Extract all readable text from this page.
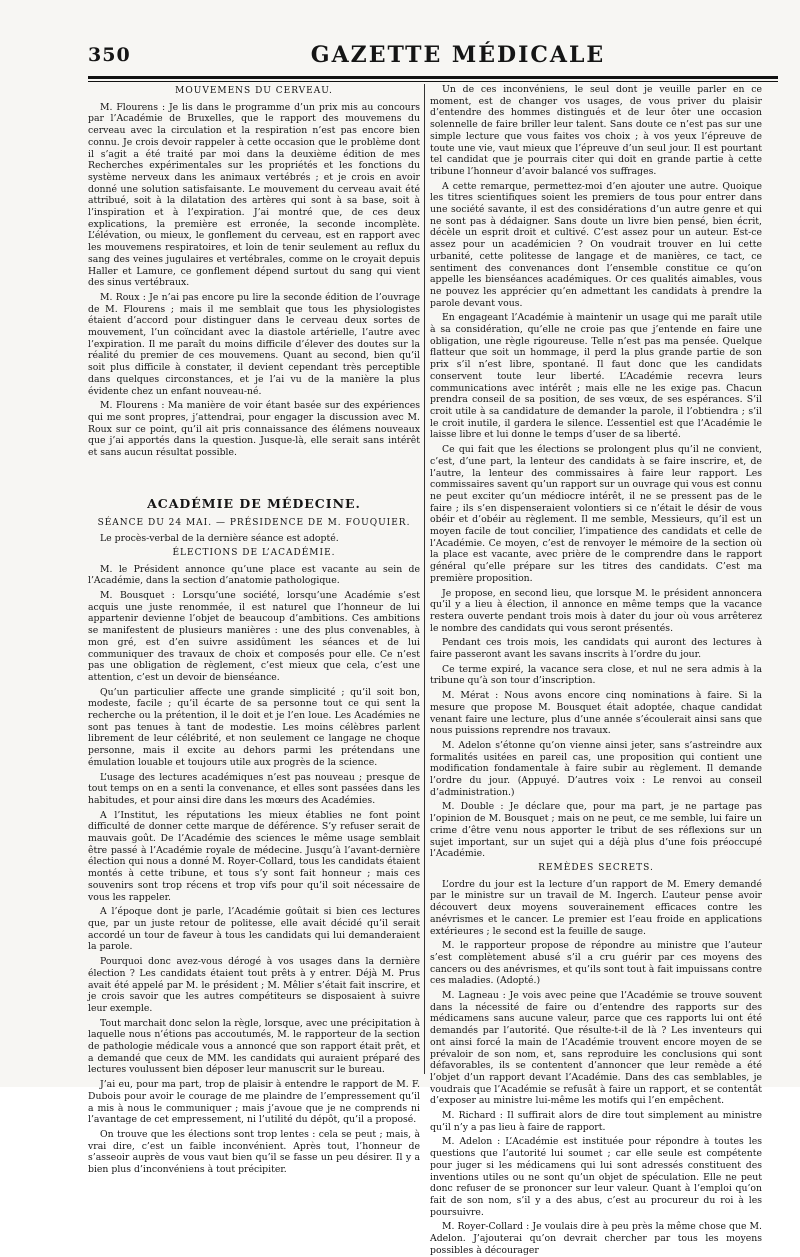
350	GAZETTE MÉDICALE
MOUVEMENS DU CERVEAU.

M. Flourens : Je lis dans le programme d’un prix mis au concours par l’Académie de Bruxelles, que le rapport des mouvemens du cerveau avec la circulation et la respiration n’est pas encore bien connu. Je crois devoir rappeler à cette occasion que le problème dont il s’agit a été traité par moi dans la deuxième édition de mes Recherches expérimentales sur les propriétés et les fonctions du système nerveux dans les animaux vertébrés ; et je crois en avoir donné une solution satisfaisante. Le mouvement du cerveau avait été attribué, soit à la dilatation des artères qui sont à sa base, soit à l’inspiration et à l’expiration. J’ai montré que, de ces deux explications, la première est erronée, la seconde incomplète. L’élévation, ou mieux, le gonflement du cerveau, est en rapport avec les mouvemens respiratoires, et loin de tenir seulement au reflux du sang des veines jugulaires et vertébrales, comme on le croyait depuis Haller et Lamure, ce gonflement dépend surtout du sang qui vient des sinus vertébraux.

M. Roux : Je n’ai pas encore pu lire la seconde édition de l’ouvrage de M. Flourens ; mais il me semblait que tous les physiologistes étaient d’accord pour distinguer dans le cerveau deux sortes de mouvement, l’un coïncidant avec la diastole artérielle, l’autre avec l’expiration. Il me paraît du moins difficile d’élever des doutes sur la réalité du premier de ces mouvemens. Quant au second, bien qu’il soit plus difficile à constater, il devient cependant très perceptible dans quelques circonstances, et je l’ai vu de la manière la plus évidente chez un enfant nouveau-né.

M. Flourens : Ma manière de voir étant basée sur des expériences qui me sont propres, j’attendrai, pour engager la discussion avec M. Roux sur ce point, qu’il ait pris connaissance des élémens nouveaux que j’ai apportés dans la question. Jusque-là, elle serait sans intérêt et sans aucun résultat possible.

ACADÉMIE DE MÉDECINE.
SÉANCE DU 24 MAI. — PRÉSIDENCE DE M. FOUQUIER.

Le procès-verbal de la dernière séance est adopté.

ÉLECTIONS DE L’ACADÉMIE.

M. le Président annonce qu’une place est vacante au sein de l’Académie, dans la section d’anatomie pathologique.

M. Bousquet : Lorsqu’une société, lorsqu’une Académie s’est acquis une juste renommée, il est naturel que l’honneur de lui appartenir devienne l’objet de beaucoup d’ambitions. Ces ambitions se manifestent de plusieurs manières : une des plus convenables, à mon gré, est d’en suivre assidûment les séances et de lui communiquer des travaux de choix et composés pour elle. Ce n’est pas une obligation de règlement, c’est mieux que cela, c’est une attention, c’est un devoir de bienséance.

Qu’un particulier affecte une grande simplicité ; qu’il soit bon, modeste, facile ; qu’il écarte de sa personne tout ce qui sent la recherche ou la prétention, il le doit et je l’en loue. Les Académies ne sont pas tenues à tant de modestie. Les moins célèbres parlent librement de leur célébrité, et non seulement ce langage ne choque personne, mais il excite au dehors parmi les prétendans une émulation louable et toujours utile aux progrès de la science.

L’usage des lectures académiques n’est pas nouveau ; presque de tout temps on en a senti la convenance, et elles sont passées dans les habitudes, et pour ainsi dire dans les mœurs des Académies.

A l’Institut, les réputations les mieux établies ne font point difficulté de donner cette marque de déférence. S’y refuser serait de mauvais goût. De l’Académie des sciences le même usage semblait être passé à l’Académie royale de médecine. Jusqu’à l’avant-dernière élection qui nous a donné M. Royer-Collard, tous les candidats étaient montés à cette tribune, et tous s’y sont fait honneur ; mais ces souvenirs sont trop récens et trop vifs pour qu’il soit nécessaire de vous les rappeler.

A l’époque dont je parle, l’Académie goûtait si bien ces lectures que, par un juste retour de politesse, elle avait décidé qu’il serait accordé un tour de faveur à tous les candidats qui lui demanderaient la parole.

Pourquoi donc avez-vous dérogé à vos usages dans la dernière élection ? Les candidats étaient tout prêts à y entrer. Déjà M. Prus avait été appelé par M. le président ; M. Mêlier s’était fait inscrire, et je crois savoir que les autres compétiteurs se disposaient à suivre leur exemple.

Tout marchait donc selon la règle, lorsque, avec une précipitation à laquelle nous n’étions pas accoutumés, M. le rapporteur de la section de pathologie médicale vous a annoncé que son rapport était prêt, et a demandé que ceux de MM. les candidats qui auraient préparé des lectures voulussent bien déposer leur manuscrit sur le bureau.

J’ai eu, pour ma part, trop de plaisir à entendre le rapport de M. F. Dubois pour avoir le courage de me plaindre de l’empressement qu’il a mis à nous le communiquer ; mais j’avoue que je ne comprends ni l’avantage de cet empressement, ni l’utilité du dépôt, qu’il a proposé.

On trouve que les élections sont trop lentes : cela se peut ; mais, à vrai dire, c’est un faible inconvénient. Après tout, l’honneur de s’asseoir auprès de vous vaut bien qu’il se fasse un peu désirer. Il y a bien plus d’inconvéniens à tout précipiter.

Un de ces inconvéniens, le seul dont je veuille parler en ce moment, est de changer vos usages, de vous priver du plaisir d’entendre des hommes distingués et de leur ôter une occasion solennelle de faire briller leur talent. Sans doute ce n’est pas sur une simple lecture que vous faites vos choix ; à vos yeux l’épreuve de toute une vie, vaut mieux que l’épreuve d’un seul jour. Il est pourtant tel candidat que je pourrais citer qui doit en grande partie à cette tribune l’honneur d’avoir balancé vos suffrages.

A cette remarque, permettez-moi d’en ajouter une autre. Quoique les titres scientifiques soient les premiers de tous pour entrer dans une société savante, il est des considérations d’un autre genre et qui ne sont pas à dédaigner. Sans doute un livre bien pensé, bien écrit, décèle un esprit droit et cultivé. C’est assez pour un auteur. Est-ce assez pour un académicien ? On voudrait trouver en lui cette urbanité, cette politesse de langage et de manières, ce tact, ce sentiment des convenances dont l’ensemble constitue ce qu’on appelle les bienséances académiques. Or ces qualités aimables, vous ne pouvez les apprécier qu’en admettant les candidats à prendre la parole devant vous.

En engageant l’Académie à maintenir un usage qui me paraît utile à sa considération, qu’elle ne croie pas que j’entende en faire une obligation, une règle rigoureuse. Telle n’est pas ma pensée. Quelque flatteur que soit un hommage, il perd la plus grande partie de son prix s’il n’est libre, spontané. Il faut donc que les candidats conservent toute leur liberté. L’Académie recevra leurs communications avec intérêt ; mais elle ne les exige pas. Chacun prendra conseil de sa position, de ses vœux, de ses espérances. S’il croit utile à sa candidature de demander la parole, il l’obtiendra ; s’il le croit inutile, il gardera le silence. L’essentiel est que l’Académie le laisse libre et lui donne le temps d’user de sa liberté.

Ce qui fait que les élections se prolongent plus qu’il ne convient, c’est, d’une part, la lenteur des candidats à se faire inscrire, et, de l’autre, la lenteur des commissaires à faire leur rapport. Les commissaires savent qu’un rapport sur un ouvrage qui vous est connu ne peut exciter qu’un médiocre intérêt, il ne se pressent pas de le faire ; ils s’en dispenseraient volontiers si ce n’était le désir de vous obéir et d’obéir au règlement. Il me semble, Messieurs, qu’il est un moyen facile de tout concilier, l’impatience des candidats et celle de l’Académie. Ce moyen, c’est de renvoyer le mémoire de la section où la place est vacante, avec prière de le comprendre dans le rapport général qu’elle prépare sur les titres des candidats. C’est ma première proposition.

Je propose, en second lieu, que lorsque M. le président annoncera qu’il y a lieu à élection, il annonce en même temps que la vacance restera ouverte pendant trois mois à dater du jour où vous arrêterez le nombre des candidats qui vous seront présentés.

Pendant ces trois mois, les candidats qui auront des lectures à faire passeront avant les savans inscrits à l’ordre du jour.

Ce terme expiré, la vacance sera close, et nul ne sera admis à la tribune qu’à son tour d’inscription.

M. Mérat : Nous avons encore cinq nominations à faire. Si la mesure que propose M. Bousquet était adoptée, chaque candidat venant faire une lecture, plus d’une année s’écoulerait ainsi sans que nous puissions reprendre nos travaux.

M. Adelon s’étonne qu’on vienne ainsi jeter, sans s’astreindre aux formalités usitées en pareil cas, une proposition qui contient une modification fondamentale à faire subir au règlement. Il demande l’ordre du jour. (Appuyé. D’autres voix : Le renvoi au conseil d’administration.)

M. Double : Je déclare que, pour ma part, je ne partage pas l’opinion de M. Bousquet ; mais on ne peut, ce me semble, lui faire un crime d’être venu nous apporter le tribut de ses réflexions sur un sujet important, sur un sujet qui a déjà plus d’une fois préoccupé l’Académie.

REMÈDES SECRETS.

L’ordre du jour est la lecture d’un rapport de M. Emery demandé par le ministre sur un travail de M. Ingerch. L’auteur pense avoir découvert deux moyens souverainement efficaces contre les anévrismes et le cancer. Le premier est l’eau froide en applications extérieures ; le second est la feuille de sauge.

M. le rapporteur propose de répondre au ministre que l’auteur s’est complètement abusé s’il a cru guérir par ces moyens des cancers ou des anévrismes, et qu’ils sont tout à fait impuissans contre ces maladies. (Adopté.)

M. Lagneau : Je vois avec peine que l’Académie se trouve souvent dans la nécessité de faire ou d’entendre des rapports sur des médicamens sans aucune valeur, parce que ces rapports lui ont été demandés par l’autorité. Que résulte-t-il de là ? Les inventeurs qui ont ainsi forcé la main de l’Académie trouvent encore moyen de se prévaloir de son nom, et, sans reproduire les conclusions qui sont défavorables, ils se contentent d’annoncer que leur remède a été l’objet d’un rapport devant l’Académie. Dans des cas semblables, je voudrais que l’Académie se refusât à faire un rapport, et se contentât d’exposer au ministre lui-même les motifs qui l’en empêchent.

M. Richard : Il suffirait alors de dire tout simplement au ministre qu’il n’y a pas lieu à faire de rapport.

M. Adelon : L’Académie est instituée pour répondre à toutes les questions que l’autorité lui soumet ; car elle seule est compétente pour juger si les médicamens qui lui sont adressés constituent des inventions utiles ou ne sont qu’un objet de spéculation. Elle ne peut donc refuser de se prononcer sur leur valeur. Quant à l’emploi qu’on fait de son nom, s’il y a des abus, c’est au procureur du roi à les poursuivre.

M. Royer-Collard : Je voulais dire à peu près la même chose que M. Adelon. J’ajouterai qu’on devrait chercher par tous les moyens possibles à décourager
